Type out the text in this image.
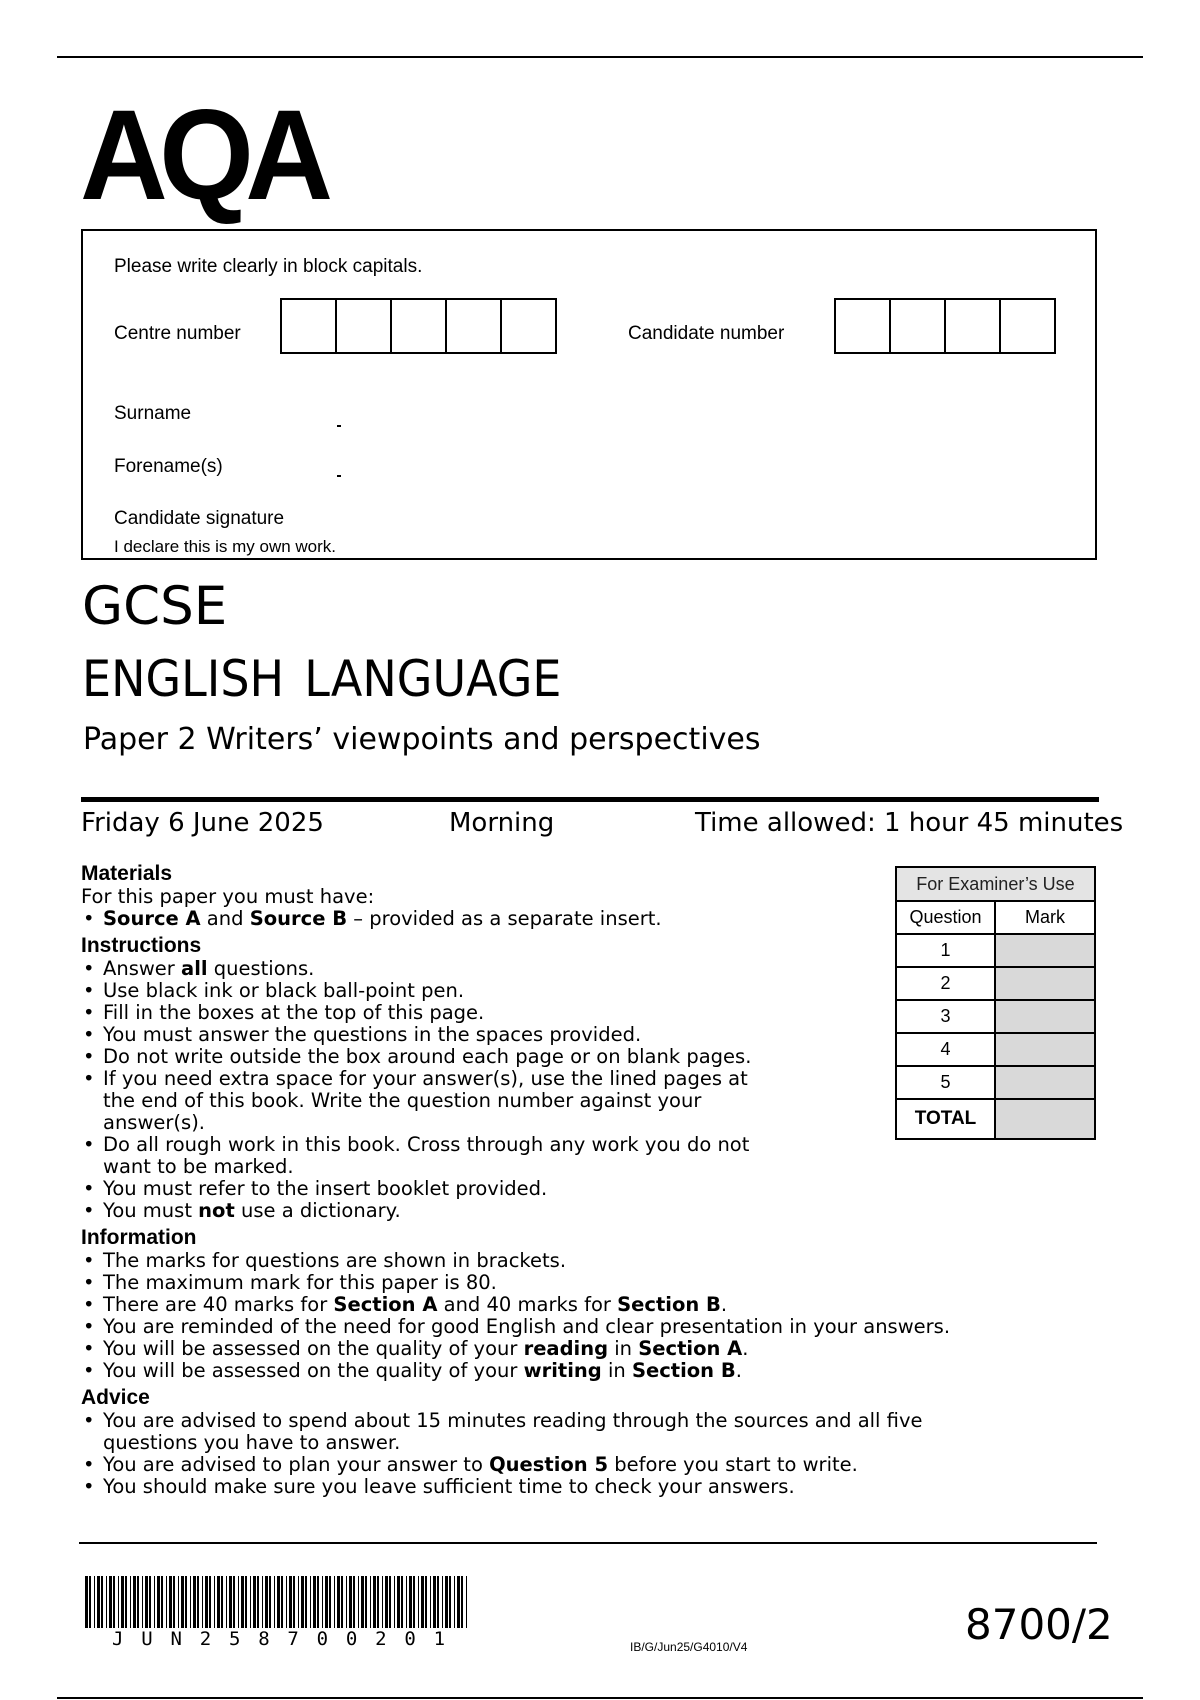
AQA
Please write clearly in block capitals.
Centre number	Candidate number
Surname
Forename(s)
Candidate signature
I declare this is my own work.
GCSE
ENGLISH LANGUAGE
Paper 2 Writers’ viewpoints and perspectives
Friday 6 June 2025	Morning	Time allowed: 1 hour 45 minutes
Materials

For this paper you must have:

• Source A and Source B – provided as a separate insert.
Instructions
• Answer all questions.
• Use black ink or black ball-point pen.
• Fill in the boxes at the top of this page.
• You must answer the questions in the spaces provided.
• Do not write outside the box around each page or on blank pages.
• If you need extra space for your answer(s), use the lined pages at the end of this book. Write the question number against your answer(s).
• Do all rough work in this book. Cross through any work you do not want to be marked.
• You must refer to the insert booklet provided.
• You must not use a dictionary.
Information
• The marks for questions are shown in brackets.
• The maximum mark for this paper is 80.
• There are 40 marks for Section A and 40 marks for Section B.
• You are reminded of the need for good English and clear presentation in your answers.
• You will be assessed on the quality of your reading in Section A.
• You will be assessed on the quality of your writing in Section B.
Advice
• You are advised to spend about 15 minutes reading through the sources and all five questions you have to answer.
• You are advised to plan your answer to Question 5 before you start to write.
• You should make sure you leave sufficient time to check your answers.
For Examiner’s Use	
Question	Mark
1	
2	
3	
4	
5	
TOTAL	
JUN258700201	IB/G/Jun25/G4010/V4	8700/2
